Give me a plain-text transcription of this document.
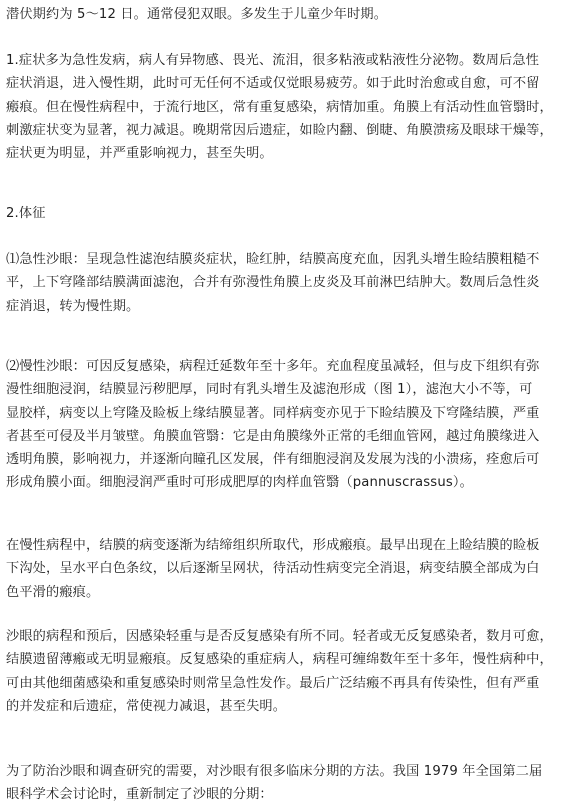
潜伏期约为 5～12 日。通常侵犯双眼。多发生于儿童少年时期。

1.症状多为急性发病，病人有异物感、畏光、流泪，很多粘液或粘液性分泌物。数周后急性
症状消退，进入慢性期，此时可无任何不适或仅觉眼易疲劳。如于此时治愈或自愈，可不留
瘢痕。但在慢性病程中，于流行地区，常有重复感染，病情加重。角膜上有活动性血管翳时，
刺激症状变为显著，视力减退。晚期常因后遗症，如睑内翻、倒睫、角膜溃疡及眼球干燥等，
症状更为明显，并严重影响视力，甚至失明。

2.体征

⑴急性沙眼：呈现急性滤泡结膜炎症状，睑红肿，结膜高度充血，因乳头增生睑结膜粗糙不
平，上下穹隆部结膜满面滤泡，合并有弥漫性角膜上皮炎及耳前淋巴结肿大。数周后急性炎
症消退，转为慢性期。

⑵慢性沙眼：可因反复感染，病程迁延数年至十多年。充血程度虽减轻，但与皮下组织有弥
漫性细胞浸润，结膜显污秽肥厚，同时有乳头增生及滤泡形成（图 1），滤泡大小不等，可
显胶样，病变以上穹隆及睑板上缘结膜显著。同样病变亦见于下睑结膜及下穹隆结膜，严重
者甚至可侵及半月皱壁。角膜血管翳：它是由角膜缘外正常的毛细血管网，越过角膜缘进入
透明角膜，影响视力，并逐渐向瞳孔区发展，伴有细胞浸润及发展为浅的小溃疡，痊愈后可
形成角膜小面。细胞浸润严重时可形成肥厚的肉样血管翳（pannuscrassus）。

在慢性病程中，结膜的病变逐渐为结缔组织所取代，形成瘢痕。最早出现在上睑结膜的睑板
下沟处，呈水平白色条纹，以后逐渐呈网状，待活动性病变完全消退，病变结膜全部成为白
色平滑的瘢痕。

沙眼的病程和预后，因感染轻重与是否反复感染有所不同。轻者或无反复感染者，数月可愈，
结膜遗留薄瘢或无明显瘢痕。反复感染的重症病人，病程可缠绵数年至十多年，慢性病种中，
可由其他细菌感染和重复感染时则常呈急性发作。最后广泛结瘢不再具有传染性，但有严重
的并发症和后遗症，常使视力减退，甚至失明。

为了防治沙眼和调查研究的需要，对沙眼有很多临床分期的方法。我国 1979 年全国第二届
眼科学术会讨论时，重新制定了沙眼的分期：
